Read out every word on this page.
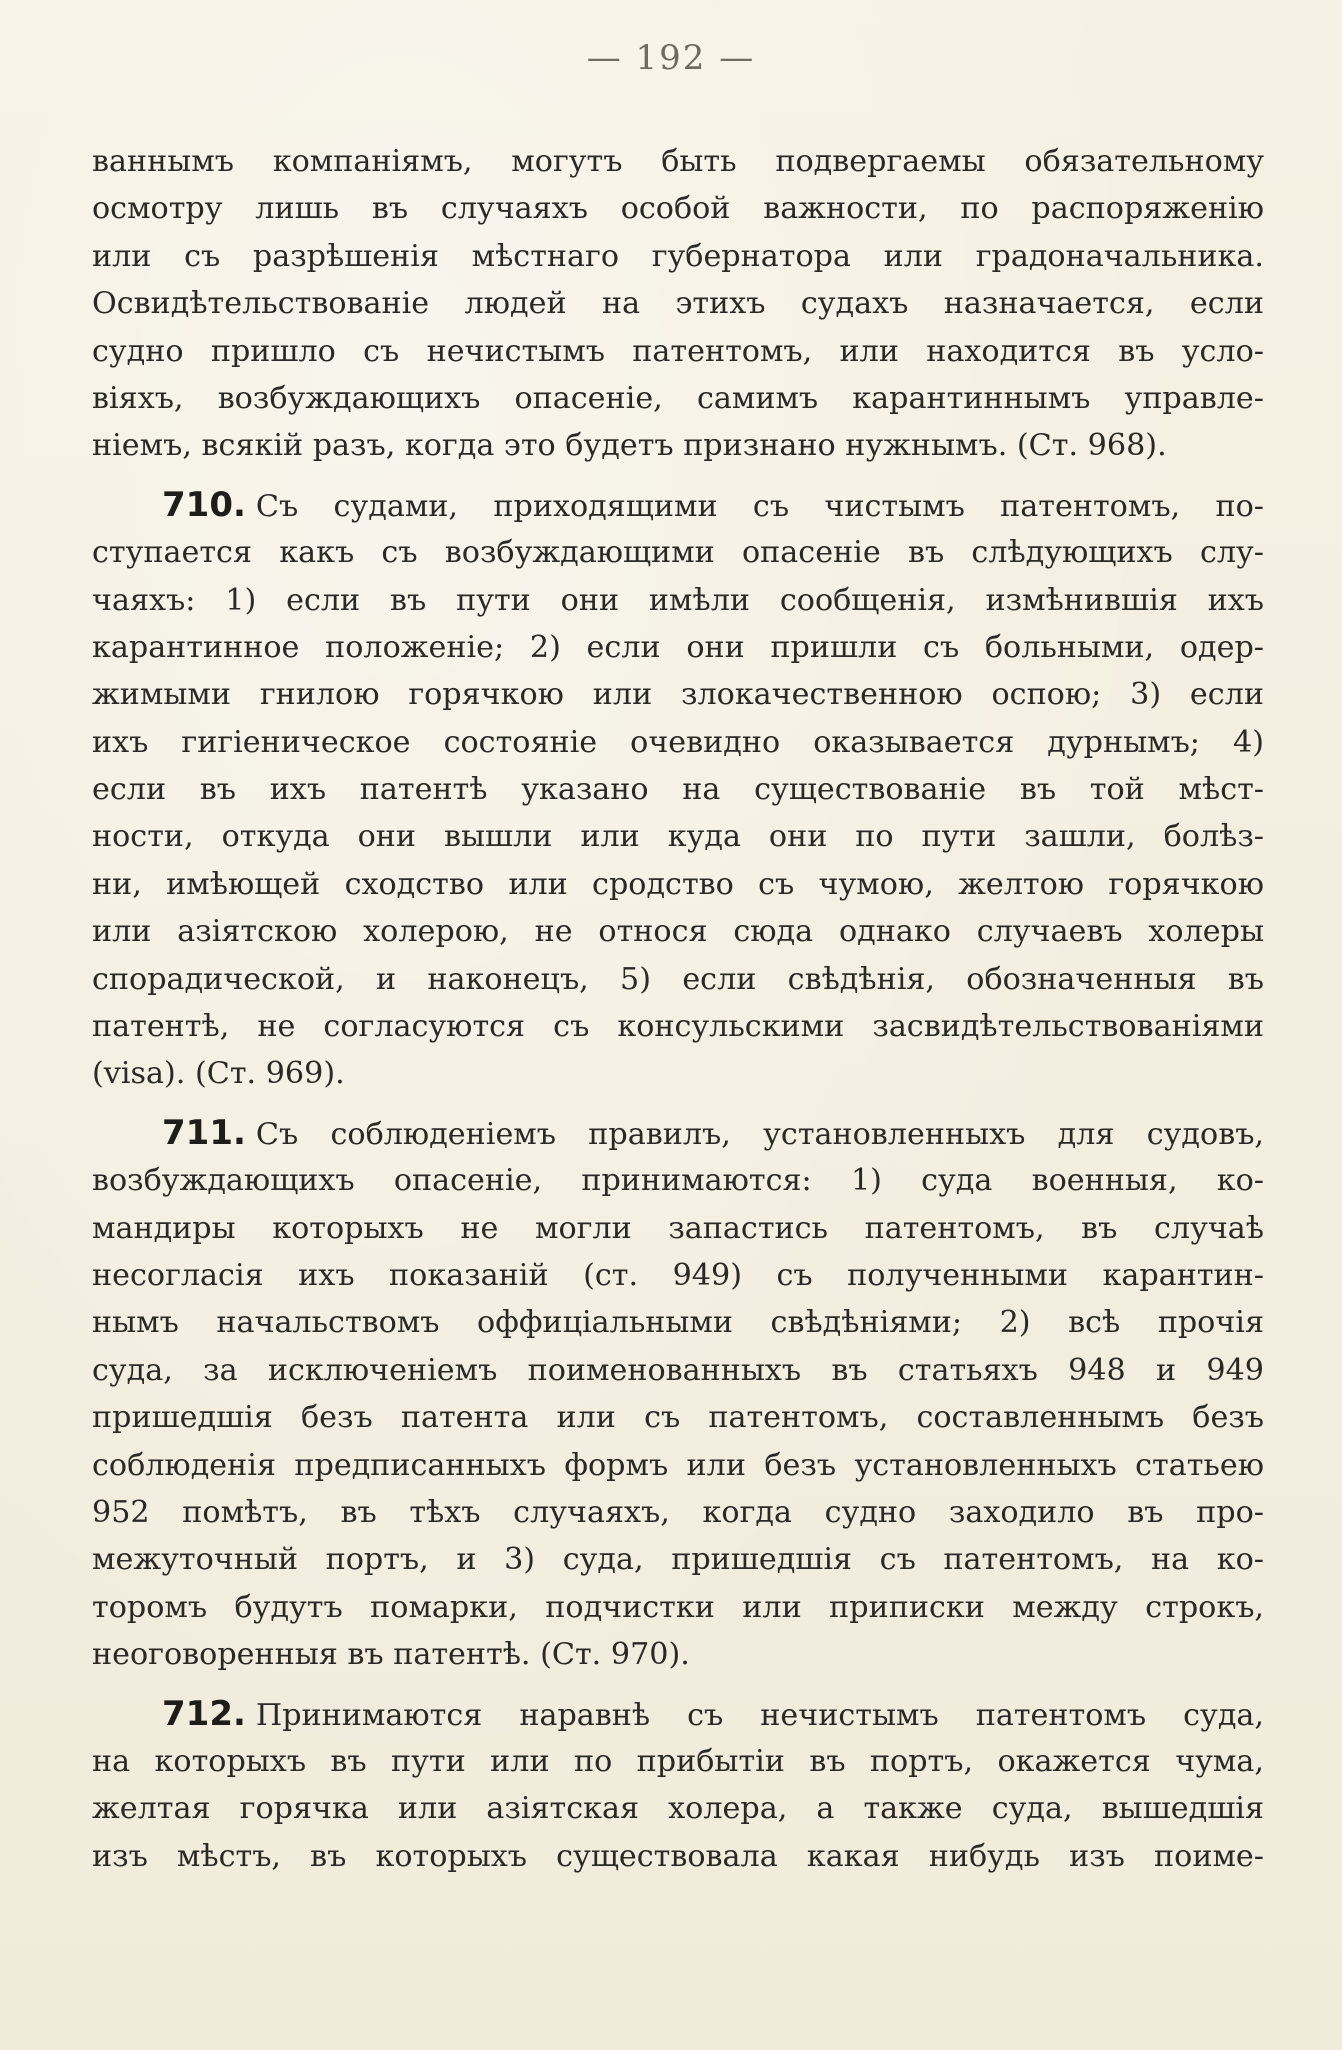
— 192 —
ваннымъ компаніямъ, могутъ быть подвергаемы обязательному
осмотру лишь въ случаяхъ особой важности, по распоряженію
или съ разрѣшенія мѣстнаго губернатора или градоначальника.
Освидѣтельствованіе людей на этихъ судахъ назначается, если
судно пришло съ нечистымъ патентомъ, или находится въ усло-
віяхъ, возбуждающихъ опасеніе, самимъ карантиннымъ управле-
ніемъ, всякій разъ, когда это будетъ признано нужнымъ. (Ст. 968).
710. Съ судами, приходящими съ чистымъ патентомъ, по-
ступается какъ съ возбуждающими опасеніе въ слѣдующихъ слу-
чаяхъ: 1) если въ пути они имѣли сообщенія, измѣнившія ихъ
карантинное положеніе; 2) если они пришли съ больными, одер-
жимыми гнилою горячкою или злокачественною оспою; 3) если
ихъ гигіеническое состояніе очевидно оказывается дурнымъ; 4)
если въ ихъ патентѣ указано на существованіе въ той мѣст-
ности, откуда они вышли или куда они по пути зашли, болѣз-
ни, имѣющей сходство или сродство съ чумою, желтою горячкою
или азіятскою холерою, не относя сюда однако случаевъ холеры
спорадической, и наконецъ, 5) если свѣдѣнія, обозначенныя въ
патентѣ, не согласуются съ консульскими засвидѣтельствованіями
(visa). (Ст. 969).
711. Съ соблюденіемъ правилъ, установленныхъ для судовъ,
возбуждающихъ опасеніе, принимаются: 1) суда военныя, ко-
мандиры которыхъ не могли запастись патентомъ, въ случаѣ
несогласія ихъ показаній (ст. 949) съ полученными карантин-
нымъ начальствомъ оффиціальными свѣдѣніями; 2) всѣ прочія
суда, за исключеніемъ поименованныхъ въ статьяхъ 948 и 949
пришедшія безъ патента или съ патентомъ, составленнымъ безъ
соблюденія предписанныхъ формъ или безъ установленныхъ статьею
952 помѣтъ, въ тѣхъ случаяхъ, когда судно заходило въ про-
межуточный портъ, и 3) суда, пришедшія съ патентомъ, на ко-
торомъ будутъ помарки, подчистки или приписки между строкъ,
неоговоренныя въ патентѣ. (Ст. 970).
712. Принимаются наравнѣ съ нечистымъ патентомъ суда,
на которыхъ въ пути или по прибытіи въ портъ, окажется чума,
желтая горячка или азіятская холера, а также суда, вышедшія
изъ мѣстъ, въ которыхъ существовала какая нибудь изъ поиме-
